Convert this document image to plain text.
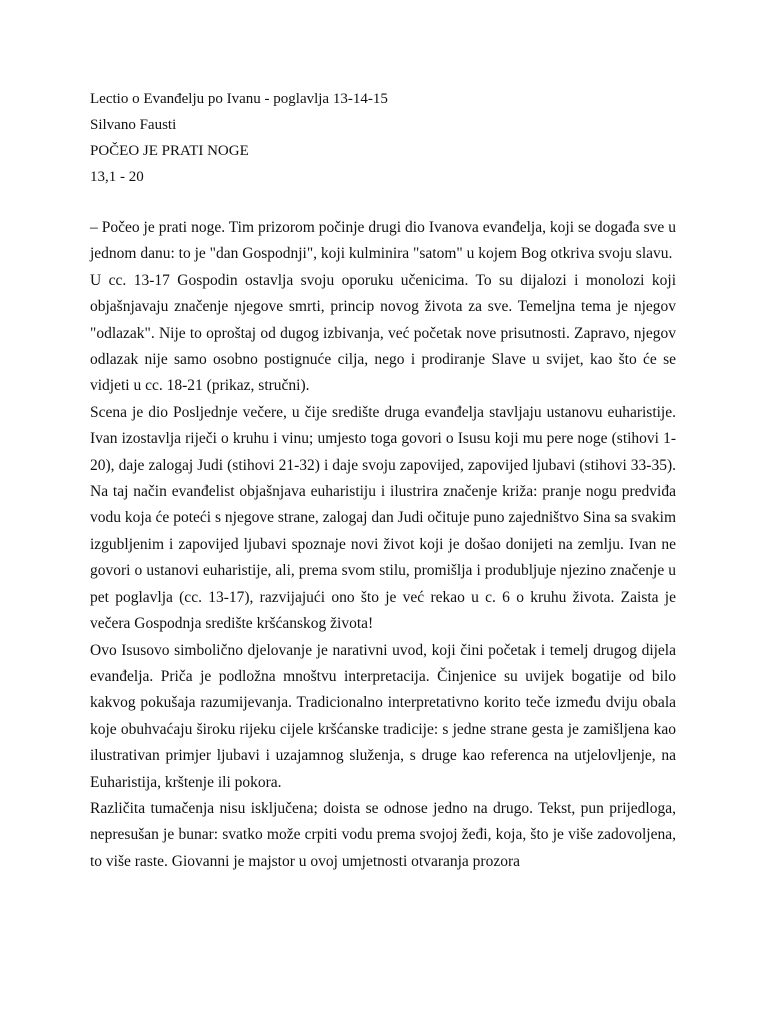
Lectio o Evanđelju po Ivanu - poglavlja 13-14-15
Silvano Fausti
POČEO JE PRATI NOGE
13,1 - 20

– Počeo je prati noge. Tim prizorom počinje drugi dio Ivanova evanđelja, koji se događa sve u jednom danu: to je "dan Gospodnji", koji kulminira "satom" u kojem Bog otkriva svoju slavu.

U cc. 13-17 Gospodin ostavlja svoju oporuku učenicima. To su dijalozi i monolozi koji objašnjavaju značenje njegove smrti, princip novog života za sve. Temeljna tema je njegov "odlazak". Nije to oproštaj od dugog izbivanja, već početak nove prisutnosti. Zapravo, njegov odlazak nije samo osobno postignuće cilja, nego i prodiranje Slave u svijet, kao što će se vidjeti u cc. 18-21 (prikaz, stručni).

Scena je dio Posljednje večere, u čije središte druga evanđelja stavljaju ustanovu euharistije. Ivan izostavlja riječi o kruhu i vinu; umjesto toga govori o Isusu koji mu pere noge (stihovi 1-20), daje zalogaj Judi (stihovi 21-32) i daje svoju zapovijed, zapovijed ljubavi (stihovi 33-35). Na taj način evanđelist objašnjava euharistiju i ilustrira značenje križa: pranje nogu predviđa vodu koja će poteći s njegove strane, zalogaj dan Judi očituje puno zajedništvo Sina sa svakim izgubljenim i zapovijed ljubavi spoznaje novi život koji je došao donijeti na zemlju. Ivan ne govori o ustanovi euharistije, ali, prema svom stilu, promišlja i produbljuje njezino značenje u pet poglavlja (cc. 13-17), razvijajući ono što je već rekao u c. 6 o kruhu života. Zaista je večera Gospodnja središte kršćanskog života!

Ovo Isusovo simbolično djelovanje je narativni uvod, koji čini početak i temelj drugog dijela evanđelja. Priča je podložna mnoštvu interpretacija. Činjenice su uvijek bogatije od bilo kakvog pokušaja razumijevanja. Tradicionalno interpretativno korito teče između dviju obala koje obuhvaćaju široku rijeku cijele kršćanske tradicije: s jedne strane gesta je zamišljena kao ilustrativan primjer ljubavi i uzajamnog služenja, s druge kao referenca na utjelovljenje, na Euharistija, krštenje ili pokora.

Različita tumačenja nisu isključena; doista se odnose jedno na drugo. Tekst, pun prijedloga, nepresušan je bunar: svatko može crpiti vodu prema svojoj žeđi, koja, što je više zadovoljena, to više raste. Giovanni je majstor u ovoj umjetnosti otvaranja prozora
